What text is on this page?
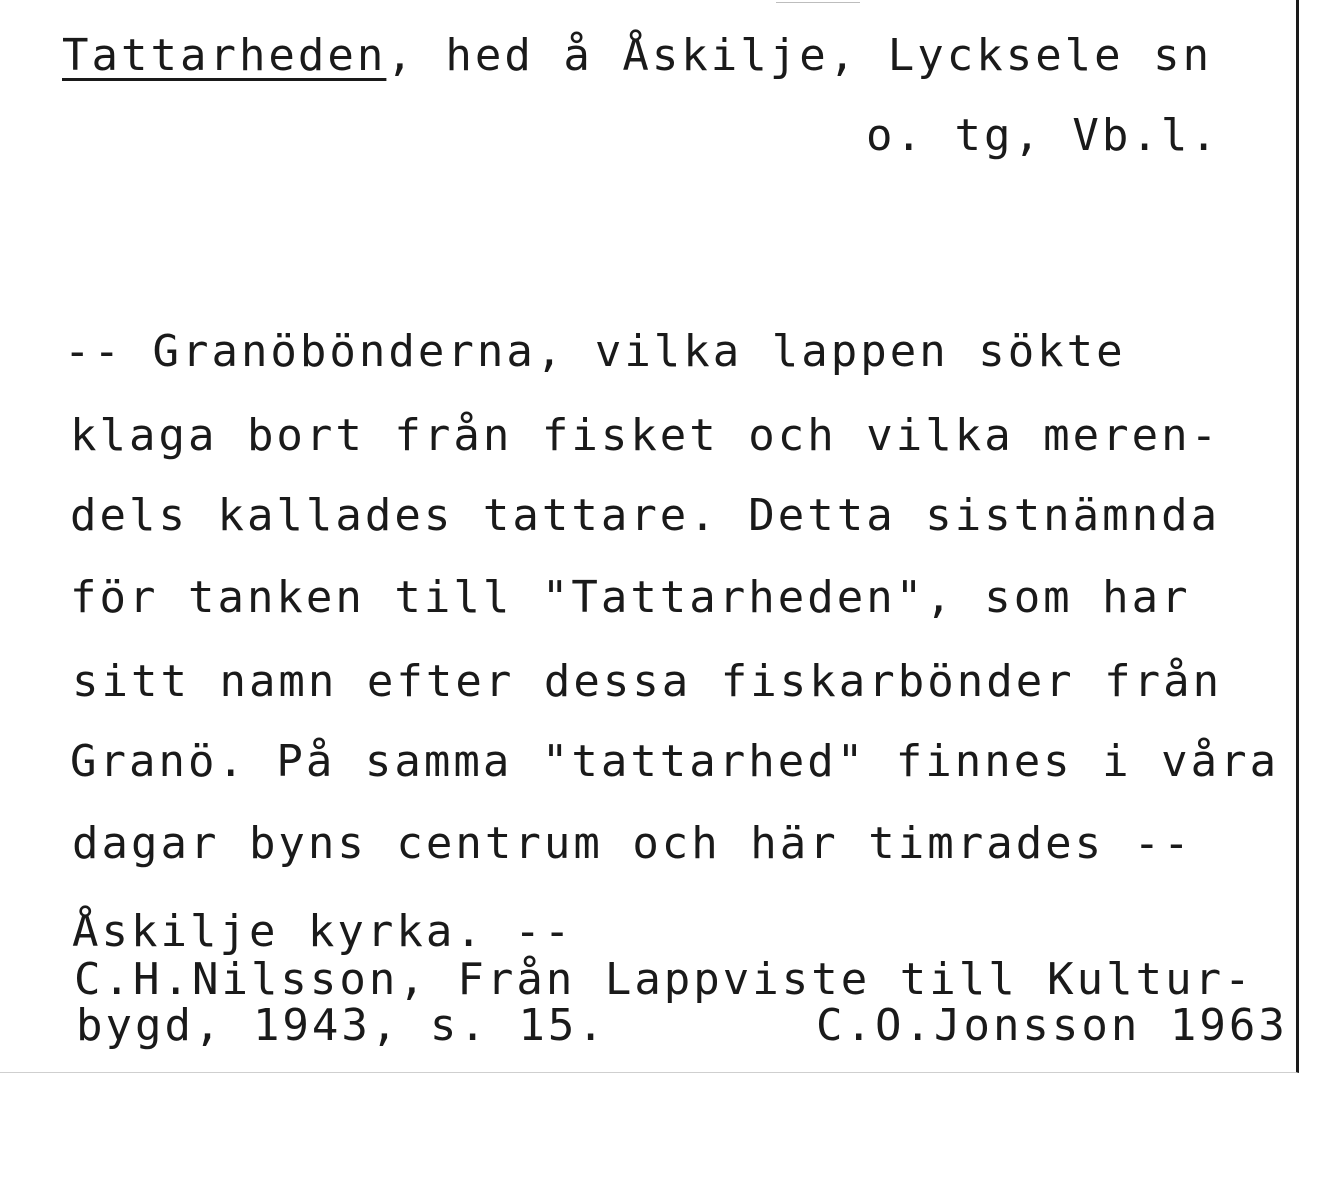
Tattarheden, hed å Åskilje, Lycksele sn
o. tg, Vb.l.
-- Granöbönderna, vilka lappen sökte
klaga bort från fisket och vilka meren-
dels kallades tattare. Detta sistnämnda
för tanken till "Tattarheden", som har
sitt namn efter dessa fiskarbönder från
Granö. På samma "tattarhed" finnes i våra
dagar byns centrum och här timrades --
Åskilje kyrka. --
C.H.Nilsson, Från Lappviste till Kultur-
bygd, 1943, s. 15.	C.O.Jonsson 1963
